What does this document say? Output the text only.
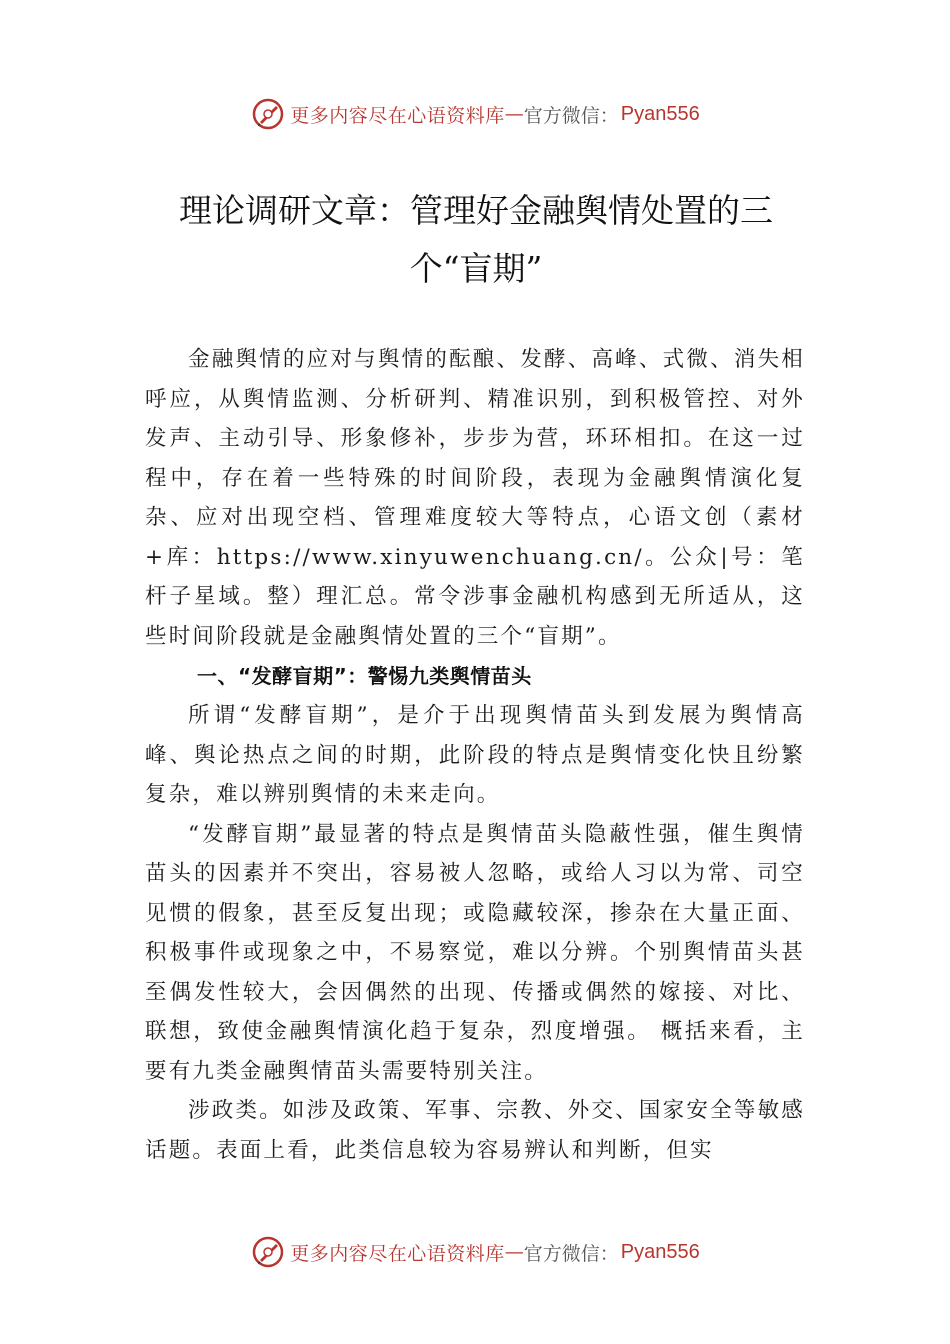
更多内容尽在心语资料库 — 官方微信： Pyan556
理论调研文章：管理好金融舆情处置的三个“盲期”

金融舆情的应对与舆情的酝酿、发酵、高峰、式微、消失相呼应，从舆情监测、分析研判、精准识别，到积极管控、对外发声、主动引导、形象修补，步步为营，环环相扣。在这一过程中，存在着一些特殊的时间阶段，表现为金融舆情演化复杂、应对出现空档、管理难度较大等特点，心语文创（素材+库：https://www.xinyuwenchuang.cn/。公众|号：笔杆子星域。整）理汇总。常令涉事金融机构感到无所适从，这些时间阶段就是金融舆情处置的三个“盲期”。

一、“发酵盲期”：警惕九类舆情苗头

所谓“发酵盲期”，是介于出现舆情苗头到发展为舆情高峰、舆论热点之间的时期，此阶段的特点是舆情变化快且纷繁复杂，难以辨别舆情的未来走向。

“发酵盲期”最显著的特点是舆情苗头隐蔽性强，催生舆情苗头的因素并不突出，容易被人忽略，或给人习以为常、司空见惯的假象，甚至反复出现；或隐藏较深，掺杂在大量正面、积极事件或现象之中，不易察觉，难以分辨。个别舆情苗头甚至偶发性较大，会因偶然的出现、传播或偶然的嫁接、对比、联想，致使金融舆情演化趋于复杂，烈度增强。 概括来看，主要有九类金融舆情苗头需要特别关注。

涉政类。如涉及政策、军事、宗教、外交、国家安全等敏感话题。表面上看，此类信息较为容易辨认和判断，但实

更多内容尽在心语资料库 — 官方微信： Pyan556
